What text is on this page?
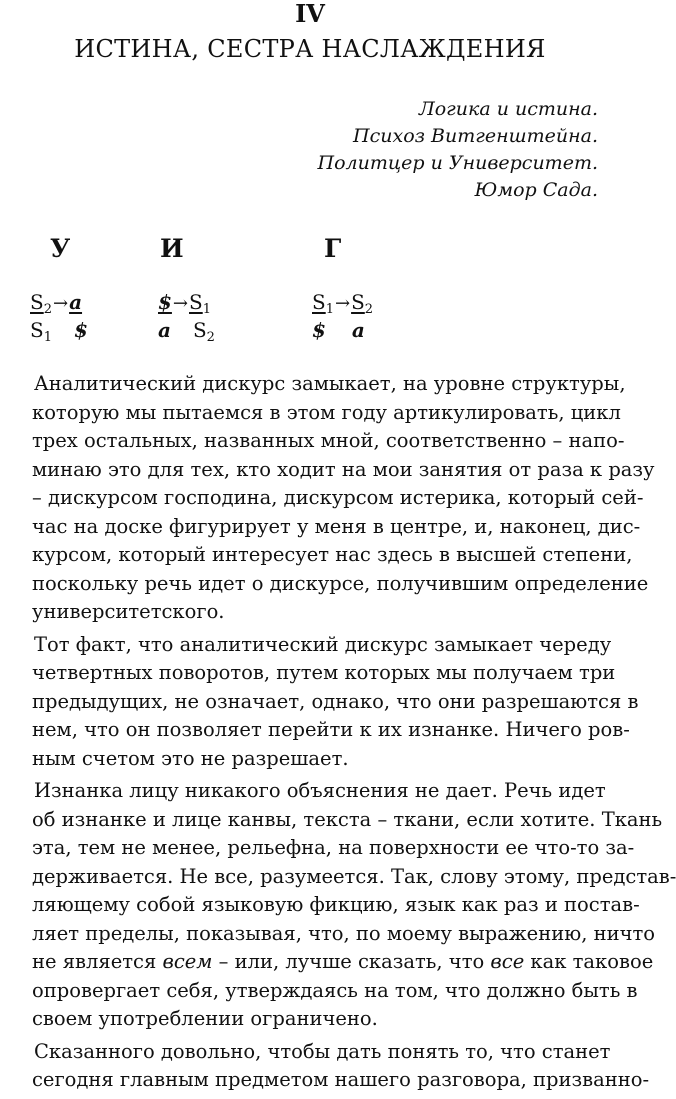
IV
ИСТИНА, СЕСТРА НАСЛАЖДЕНИЯ
Логика и истина.
Психоз Витгенштейна.
Политцер и Университет.
Юмор Сада.
У
$S_2\to a$
$S_1$ $
И
$\$\to S_1$
a $S_2$
Г
$S_1\to S_2$
$ a
Аналитический дискурс замыкает, на уровне структуры,
которую мы пытаемся в этом году артикулировать, цикл
трех остальных, названных мной, соответственно – напо-
минаю это для тех, кто ходит на мои занятия от раза к разу
– дискурсом господина, дискурсом истерика, который сей-
час на доске фигурирует у меня в центре, и, наконец, дис-
курсом, который интересует нас здесь в высшей степени,
поскольку речь идет о дискурсе, получившим определение
университетского.
Тот факт, что аналитический дискурс замыкает череду
четвертных поворотов, путем которых мы получаем три
предыдущих, не означает, однако, что они разрешаются в
нем, что он позволяет перейти к их изнанке. Ничего ров-
ным счетом это не разрешает.
Изнанка лицу никакого объяснения не дает. Речь идет
об изнанке и лице канвы, текста – ткани, если хотите. Ткань
эта, тем не менее, рельефна, на поверхности ее что-то за-
держивается. Не все, разумеется. Так, слову этому, представ-
ляющему собой языковую фикцию, язык как раз и постав-
ляет пределы, показывая, что, по моему выражению, ничто
не является всем – или, лучше сказать, что все как таковое
опровергает себя, утверждаясь на том, что должно быть в
своем употреблении ограничено.
Сказанного довольно, чтобы дать понять то, что станет
сегодня главным предметом нашего разговора, призванно-
